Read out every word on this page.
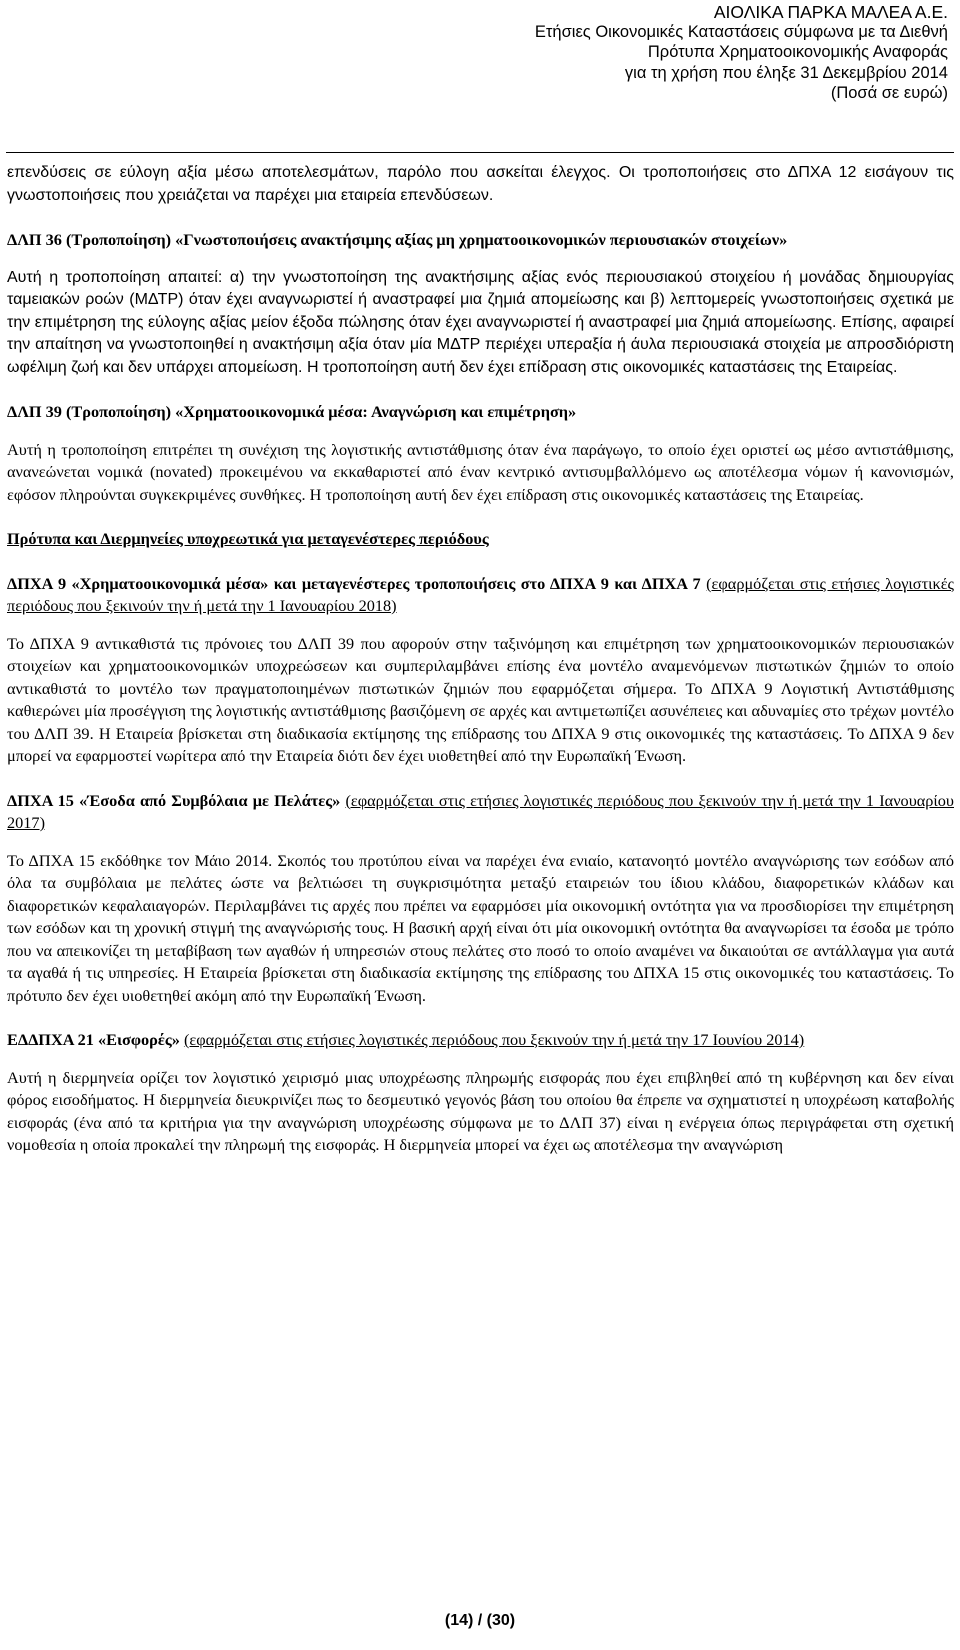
ΑΙΟΛΙΚΑ ΠΑΡΚΑ ΜΑΛΕΑ Α.Ε.
Ετήσιες Οικονομικές Καταστάσεις σύμφωνα με τα Διεθνή
Πρότυπα Χρηματοοικονομικής Αναφοράς
για τη χρήση που έληξε 31 Δεκεμβρίου 2014
(Ποσά σε ευρώ)

επενδύσεις σε εύλογη αξία μέσω αποτελεσμάτων, παρόλο που ασκείται έλεγχος. Οι τροποποιήσεις στο ΔΠΧΑ 12 εισάγουν τις γνωστοποιήσεις που χρειάζεται να παρέχει μια εταιρεία επενδύσεων.

ΔΛΠ 36 (Τροποποίηση) «Γνωστοποιήσεις ανακτήσιμης αξίας μη χρηματοοικονομικών περιουσιακών στοιχείων»

Αυτή η τροποποίηση απαιτεί: α) την γνωστοποίηση της ανακτήσιμης αξίας ενός περιουσιακού στοιχείου ή μονάδας δημιουργίας ταμειακών ροών (ΜΔΤΡ) όταν έχει αναγνωριστεί ή αναστραφεί μια ζημιά απομείωσης και β) λεπτομερείς γνωστοποιήσεις σχετικά με την επιμέτρηση της εύλογης αξίας μείον έξοδα πώλησης όταν έχει αναγνωριστεί ή αναστραφεί μια ζημιά απομείωσης. Επίσης, αφαιρεί την απαίτηση να γνωστοποιηθεί η ανακτήσιμη αξία όταν μία ΜΔΤΡ περιέχει υπεραξία ή άυλα περιουσιακά στοιχεία με απροσδιόριστη ωφέλιμη ζωή και δεν υπάρχει απομείωση. Η τροποποίηση αυτή δεν έχει επίδραση στις οικονομικές καταστάσεις της Εταιρείας.

ΔΛΠ 39 (Τροποποίηση) «Χρηματοοικονομικά μέσα: Αναγνώριση και επιμέτρηση»

Αυτή η τροποποίηση επιτρέπει τη συνέχιση της λογιστικής αντιστάθμισης όταν ένα παράγωγο, το οποίο έχει οριστεί ως μέσο αντιστάθμισης, ανανεώνεται νομικά (novated) προκειμένου να εκκαθαριστεί από έναν κεντρικό αντισυμβαλλόμενο ως αποτέλεσμα νόμων ή κανονισμών, εφόσον πληρούνται συγκεκριμένες συνθήκες. Η τροποποίηση αυτή δεν έχει επίδραση στις οικονομικές καταστάσεις της Εταιρείας.

Πρότυπα και Διερμηνείες υποχρεωτικά για μεταγενέστερες περιόδους

ΔΠΧΑ 9 «Χρηματοοικονομικά μέσα» και μεταγενέστερες τροποποιήσεις στο ΔΠΧΑ 9 και ΔΠΧΑ 7 (εφαρμόζεται στις ετήσιες λογιστικές περιόδους που ξεκινούν την ή μετά την 1 Ιανουαρίου 2018)

Το ΔΠΧΑ 9 αντικαθιστά τις πρόνοιες του ΔΛΠ 39 που αφορούν στην ταξινόμηση και επιμέτρηση των χρηματοοικονομικών περιουσιακών στοιχείων και χρηματοοικονομικών υποχρεώσεων και συμπεριλαμβάνει επίσης ένα μοντέλο αναμενόμενων πιστωτικών ζημιών το οποίο αντικαθιστά το μοντέλο των πραγματοποιημένων πιστωτικών ζημιών που εφαρμόζεται σήμερα. Το ΔΠΧΑ 9 Λογιστική Αντιστάθμισης καθιερώνει μία προσέγγιση της λογιστικής αντιστάθμισης βασιζόμενη σε αρχές και αντιμετωπίζει ασυνέπειες και αδυναμίες στο τρέχων μοντέλο του ΔΛΠ 39. Η Εταιρεία βρίσκεται στη διαδικασία εκτίμησης της επίδρασης του ΔΠΧΑ 9 στις οικονομικές της καταστάσεις. Το ΔΠΧΑ 9 δεν μπορεί να εφαρμοστεί νωρίτερα από την Εταιρεία διότι δεν έχει υιοθετηθεί από την Ευρωπαϊκή Ένωση.

ΔΠΧΑ 15 «Έσοδα από Συμβόλαια με Πελάτες» (εφαρμόζεται στις ετήσιες λογιστικές περιόδους που ξεκινούν την ή μετά την 1 Ιανουαρίου 2017)

Το ΔΠΧΑ 15 εκδόθηκε τον Μάιο 2014. Σκοπός του προτύπου είναι να παρέχει ένα ενιαίο, κατανοητό μοντέλο αναγνώρισης των εσόδων από όλα τα συμβόλαια με πελάτες ώστε να βελτιώσει τη συγκρισιμότητα μεταξύ εταιρειών του ίδιου κλάδου, διαφορετικών κλάδων και διαφορετικών κεφαλαιαγορών. Περιλαμβάνει τις αρχές που πρέπει να εφαρμόσει μία οικονομική οντότητα για να προσδιορίσει την επιμέτρηση των εσόδων και τη χρονική στιγμή της αναγνώρισής τους. Η βασική αρχή είναι ότι μία οικονομική οντότητα θα αναγνωρίσει τα έσοδα με τρόπο που να απεικονίζει τη μεταβίβαση των αγαθών ή υπηρεσιών στους πελάτες στο ποσό το οποίο αναμένει να δικαιούται σε αντάλλαγμα για αυτά τα αγαθά ή τις υπηρεσίες. Η Εταιρεία βρίσκεται στη διαδικασία εκτίμησης της επίδρασης του ΔΠΧΑ 15 στις οικονομικές του καταστάσεις. Το πρότυπο δεν έχει υιοθετηθεί ακόμη από την Ευρωπαϊκή Ένωση.

ΕΔΔΠΧΑ 21 «Εισφορές» (εφαρμόζεται στις ετήσιες λογιστικές περιόδους που ξεκινούν την ή μετά την 17 Ιουνίου 2014)

Αυτή η διερμηνεία ορίζει τον λογιστικό χειρισμό μιας υποχρέωσης πληρωμής εισφοράς που έχει επιβληθεί από τη κυβέρνηση και δεν είναι φόρος εισοδήματος. Η διερμηνεία διευκρινίζει πως το δεσμευτικό γεγονός βάση του οποίου θα έπρεπε να σχηματιστεί η υποχρέωση καταβολής εισφοράς (ένα από τα κριτήρια για την αναγνώριση υποχρέωσης σύμφωνα με το ΔΛΠ 37) είναι η ενέργεια όπως περιγράφεται στη σχετική νομοθεσία η οποία προκαλεί την πληρωμή της εισφοράς. Η διερμηνεία μπορεί να έχει ως αποτέλεσμα την αναγνώριση

(14) / (30)
